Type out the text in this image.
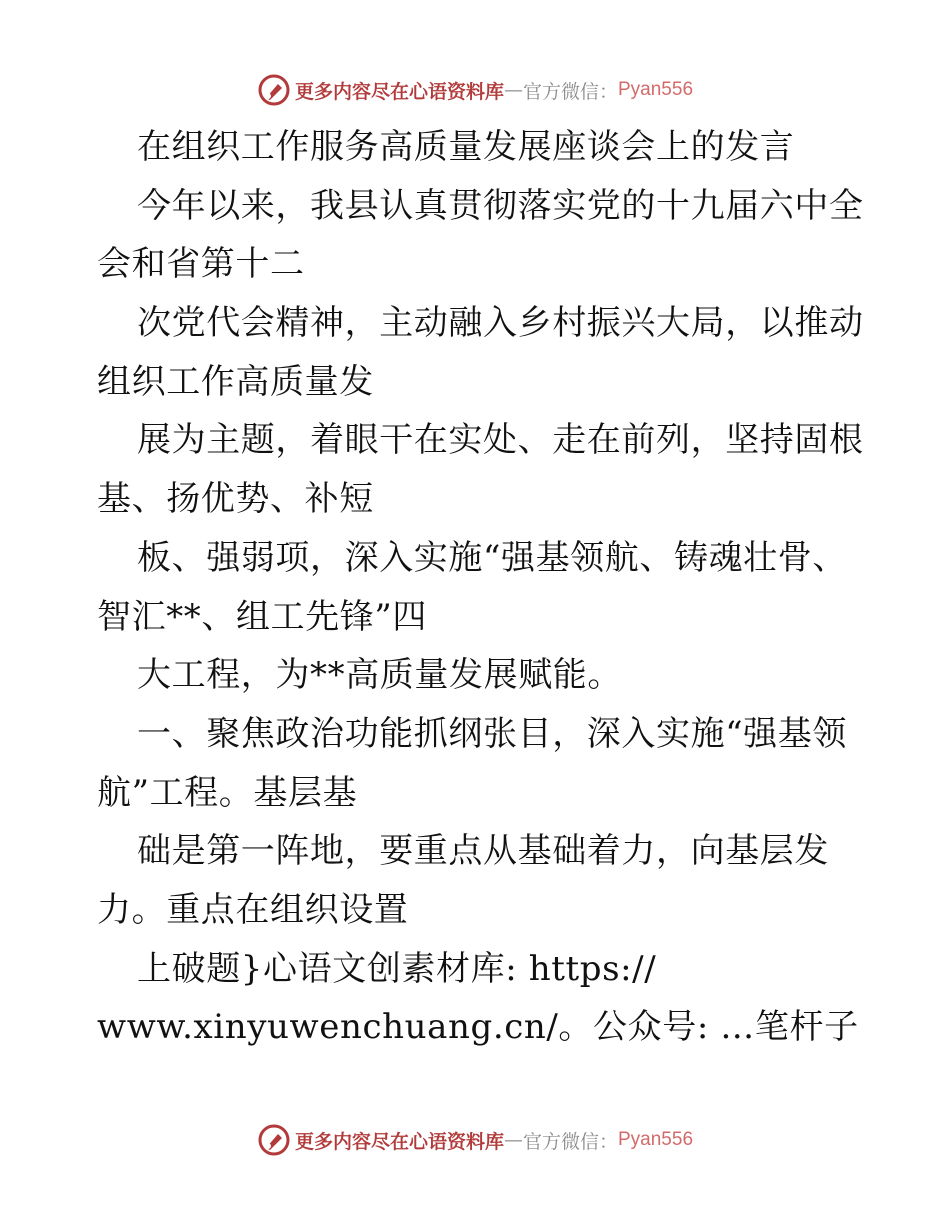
更多内容尽在心语资料库 — 官方微信： Pyan556
在组织工作服务高质量发展座谈会上的发言
今年以来，我县认真贯彻落实党的十九届六中全
会和省第十二
次党代会精神，主动融入乡村振兴大局，以推动
组织工作高质量发
展为主题，着眼干在实处、走在前列，坚持固根
基、扬优势、补短
板、强弱项，深入实施“强基领航、铸魂壮骨、
智汇**、组工先锋”四
大工程，为**高质量发展赋能。
一、聚焦政治功能抓纲张目，深入实施“强基领
航”工程。基层基
础是第一阵地，要重点从基础着力，向基层发
力。重点在组织设置
上破题}心语文创素材库: https://
www.xinyuwenchuang.cn/。公众号: …笔杆子
更多内容尽在心语资料库 — 官方微信： Pyan556
